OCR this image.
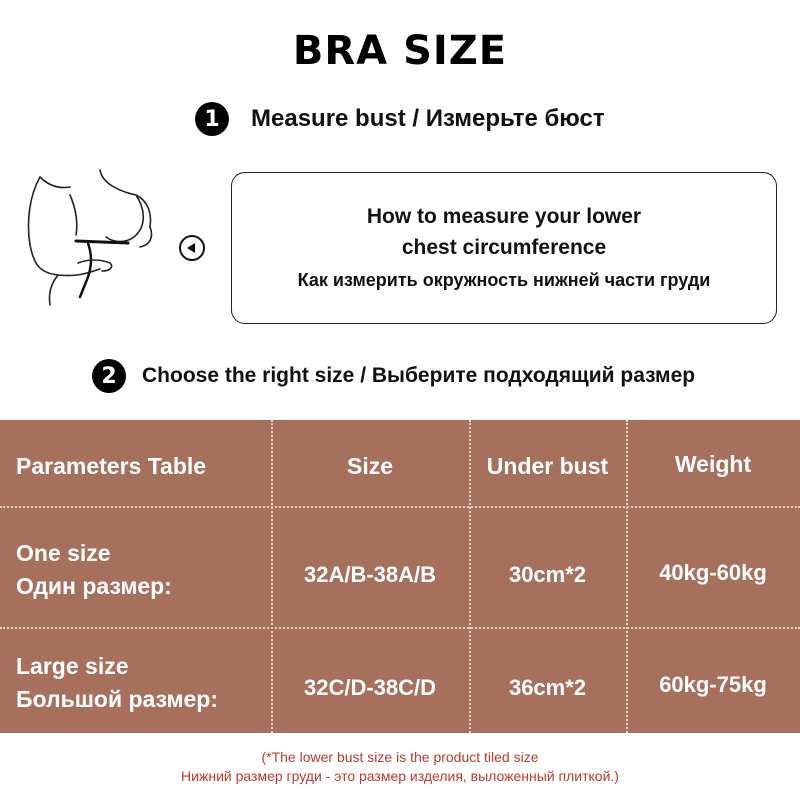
BRA SIZE
1	Measure bust / Измерьте бюст
How to measure your lower
chest circumference
Как измерить окружность нижней части груди
2	Choose the right size / Выберите подходящий размер
Parameters Table	Size	Under bust	Weight
One size
Один размер:	32A/B-38A/B	30cm*2	40kg-60kg
Large size
Большой размер:	32C/D-38C/D	36cm*2	60kg-75kg
(*The lower bust size is the product tiled size
Нижний размер груди - это размер изделия, выложенный плиткой.)
